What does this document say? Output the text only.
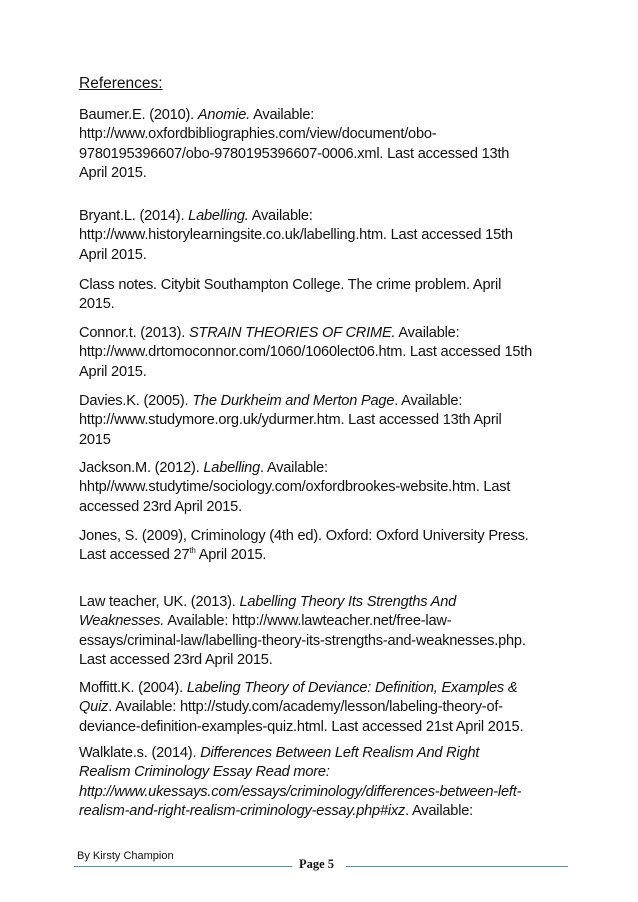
References:

Baumer.E. (2010). Anomie. Available:

http://www.oxfordbibliographies.com/view/document/obo-

9780195396607/obo-9780195396607-0006.xml. Last accessed 13th

April 2015.

Bryant.L. (2014). Labelling. Available:

http://www.historylearningsite.co.uk/labelling.htm. Last accessed 15th

April 2015.

Class notes. Citybit Southampton College. The crime problem. April

2015.

Connor.t. (2013). STRAIN THEORIES OF CRIME. Available:

http://www.drtomoconnor.com/1060/1060lect06.htm. Last accessed 15th

April 2015.

Davies.K. (2005). The Durkheim and Merton Page. Available:

http://www.studymore.org.uk/ydurmer.htm. Last accessed 13th April

2015

Jackson.M. (2012). Labelling. Available:

hhtp//www.studytime/sociology.com/oxfordbrookes-website.htm. Last

accessed 23rd April 2015.

Jones, S. (2009), Criminology (4th ed). Oxford: Oxford University Press.

Last accessed 27th April 2015.

Law teacher, UK. (2013). Labelling Theory Its Strengths And

Weaknesses. Available: http://www.lawteacher.net/free-law-

essays/criminal-law/labelling-theory-its-strengths-and-weaknesses.php.

Last accessed 23rd April 2015.

Moffitt.K. (2004). Labeling Theory of Deviance: Definition, Examples &

Quiz. Available: http://study.com/academy/lesson/labeling-theory-of-

deviance-definition-examples-quiz.html. Last accessed 21st April 2015.

Walklate.s. (2014). Differences Between Left Realism And Right

Realism Criminology Essay Read more:

http://www.ukessays.com/essays/criminology/differences-between-left-

realism-and-right-realism-criminology-essay.php#ixz. Available:

By Kirsty Champion
Page 5
